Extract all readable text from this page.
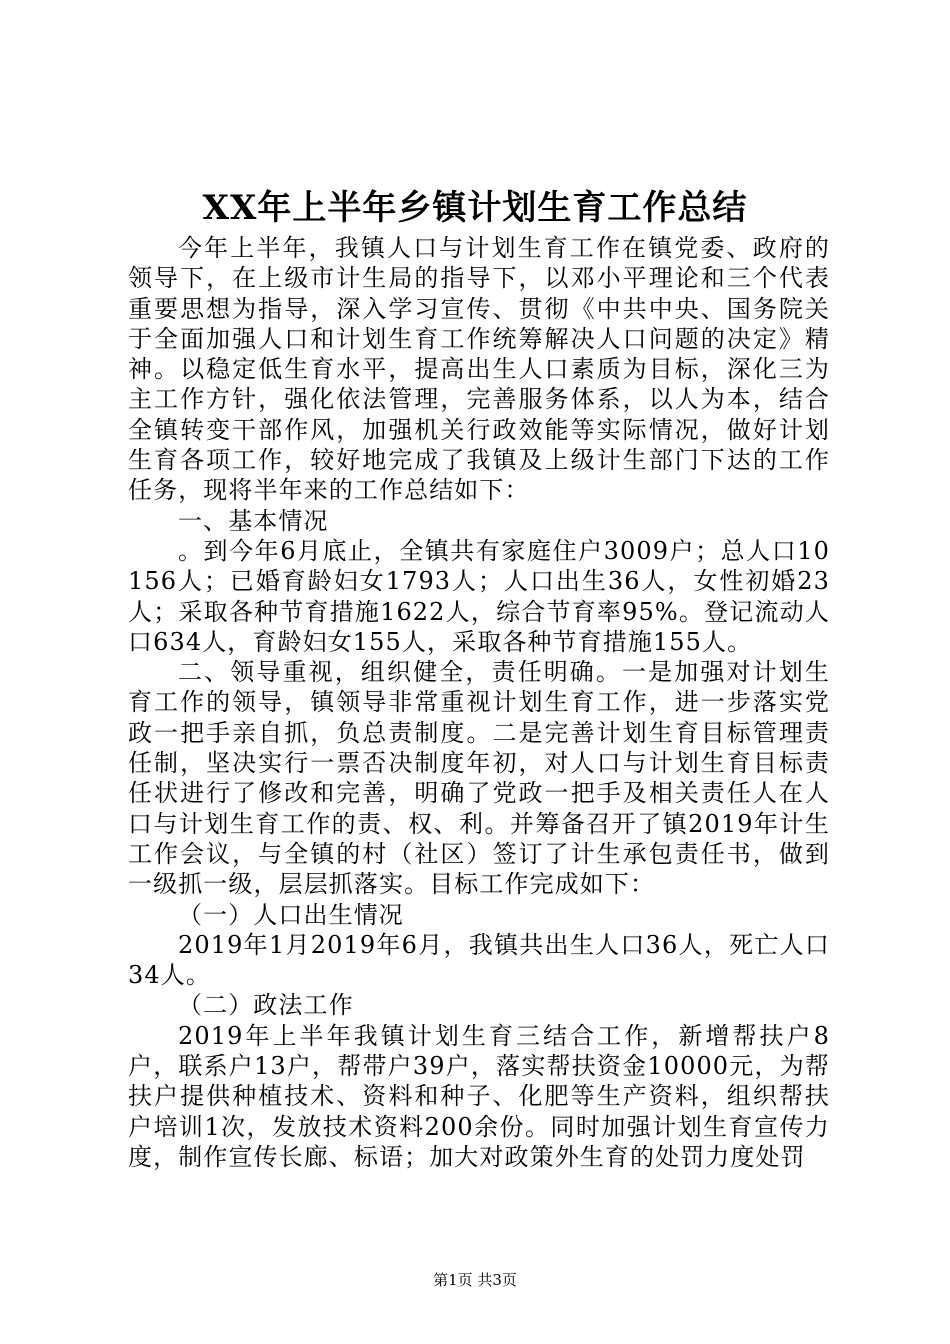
XX年上半年乡镇计划生育工作总结

今年上半年，我镇人口与计划生育工作在镇党委、政府的领导下，在上级市计生局的指导下，以邓小平理论和三个代表重要思想为指导，深入学习宣传、贯彻《中共中央、国务院关于全面加强人口和计划生育工作统筹解决人口问题的决定》精神。以稳定低生育水平，提高出生人口素质为目标，深化三为主工作方针，强化依法管理，完善服务体系，以人为本，结合全镇转变干部作风，加强机关行政效能等实际情况，做好计划生育各项工作，较好地完成了我镇及上级计生部门下达的工作任务，现将半年来的工作总结如下：

一、基本情况

。到今年6月底止，全镇共有家庭住户3009户；总人口10156人；已婚育龄妇女1793人；人口出生36人，女性初婚23人；采取各种节育措施1622人，综合节育率95%。登记流动人口634人，育龄妇女155人，采取各种节育措施155人。

二、领导重视，组织健全，责任明确。一是加强对计划生育工作的领导，镇领导非常重视计划生育工作，进一步落实党政一把手亲自抓，负总责制度。二是完善计划生育目标管理责任制，坚决实行一票否决制度年初，对人口与计划生育目标责任状进行了修改和完善，明确了党政一把手及相关责任人在人口与计划生育工作的责、权、利。并筹备召开了镇2019年计生工作会议，与全镇的村（社区）签订了计生承包责任书，做到一级抓一级，层层抓落实。目标工作完成如下：

（一）人口出生情况

2019年1月2019年6月，我镇共出生人口36人，死亡人口34人。

（二）政法工作

2019年上半年我镇计划生育三结合工作，新增帮扶户8户，联系户13户，帮带户39户，落实帮扶资金10000元，为帮扶户提供种植技术、资料和种子、化肥等生产资料，组织帮扶户培训1次，发放技术资料200余份。同时加强计划生育宣传力度，制作宣传长廊、标语；加大对政策外生育的处罚力度处罚

第1页 共3页
